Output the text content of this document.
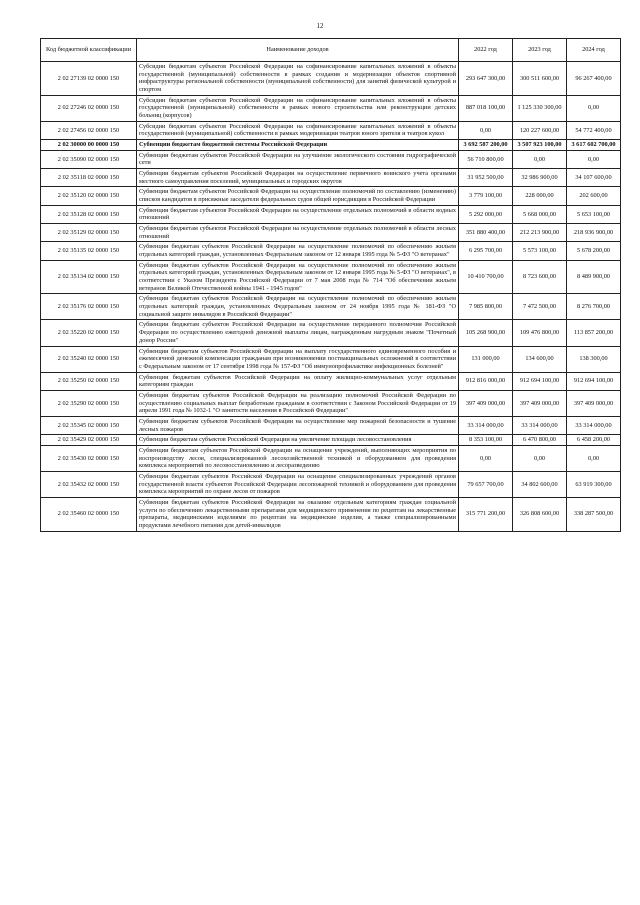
12
Код бюджетной классификации	Наименование доходов	2022 год	2023 год	2024 год
2 02 27139 02 0000 150	Субсидии бюджетам субъектов Российской Федерации на софинансирование капитальных вложений в объекты государственной (муниципальной) собственности в рамках создания и модернизации объектов спортивной инфраструктуры региональной собственности (муниципальной собственности) для занятий физической культурой и спортом	293 647 300,00	300 511 600,00	96 267 400,00
2 02 27246 02 0000 150	Субсидии бюджетам субъектов Российской Федерации на софинансирование капитальных вложений в объекты государственной (муниципальной) собственности в рамках нового строительства или реконструкции детских больниц (корпусов)	887 018 100,00	1 125 330 300,00	0,00
2 02 27456 02 0000 150	Субсидии бюджетам субъектов Российской Федерации на софинансирование капитальных вложений в объекты государственной (муниципальной) собственности в рамках модернизации театров юного зрителя и театров кукол	0,00	120 227 600,00	54 772 400,00
2 02 30000 00 0000 150	Субвенции бюджетам бюджетной системы Российской Федерации	3 692 587 200,00	3 507 923 100,00	3 617 602 700,00
2 02 35090 02 0000 150	Субвенции бюджетам субъектов Российской Федерации на улучшение экологического состояния гидрографической сети	56 710 800,00	0,00	0,00
2 02 35118 02 0000 150	Субвенции бюджетам субъектов Российской Федерации на осуществление первичного воинского учета органами местного самоуправления поселений, муниципальных и городских округов	31 952 500,00	32 986 900,00	34 107 600,00
2 02 35120 02 0000 150	Субвенции бюджетам субъектов Российской Федерации на осуществление полномочий по составлению (изменению) списков кандидатов в присяжные заседатели федеральных судов общей юрисдикции в Российской Федерации	3 779 100,00	228 000,00	202 600,00
2 02 35128 02 0000 150	Субвенции бюджетам субъектов Российской Федерации на осуществление отдельных полномочий в области водных отношений	5 292 000,00	5 668 000,00	5 653 100,00
2 02 35129 02 0000 150	Субвенции бюджетам субъектов Российской Федерации на осуществление отдельных полномочий в области лесных отношений	351 880 400,00	212 213 900,00	218 936 900,00
2 02 35135 02 0000 150	Субвенции бюджетам субъектов Российской Федерации на осуществление полномочий по обеспечению жильем отдельных категорий граждан, установленных Федеральным законом от 12 января 1995 года № 5-ФЗ "О ветеранах"	6 295 700,00	5 573 100,00	5 678 200,00
2 02 35134 02 0000 150	Субвенции бюджетам субъектов Российской Федерации на осуществление полномочий по обеспечению жильем отдельных категорий граждан, установленных Федеральным законом от 12 января 1995 года № 5-ФЗ "О ветеранах", в соответствии с Указом Президента Российской Федерации от 7 мая 2008 года № 714 "Об обеспечении жильем ветеранов Великой Отечественной войны 1941 - 1945 годов"	10 410 700,00	8 723 600,00	8 489 900,00
2 02 35176 02 0000 150	Субвенции бюджетам субъектов Российской Федерации на осуществление полномочий по обеспечению жильем отдельных категорий граждан, установленных Федеральным законом от 24 ноября 1995 года № 181-ФЗ "О социальной защите инвалидов в Российской Федерации"	7 985 800,00	7 472 500,00	8 276 700,00
2 02 35220 02 0000 150	Субвенции бюджетам субъектов Российской Федерации на осуществление переданного полномочия Российской Федерации по осуществлению ежегодной денежной выплаты лицам, награжденным нагрудным знаком "Почетный донор России"	105 268 900,00	109 476 800,00	113 857 200,00
2 02 35240 02 0000 150	Субвенции бюджетам субъектов Российской Федерации на выплату государственного единовременного пособия и ежемесячной денежной компенсации гражданам при возникновении поствакцинальных осложнений в соответствии с Федеральным законом от 17 сентября 1998 года № 157-ФЗ "Об иммунопрофилактике инфекционных болезней"	131 000,00	134 600,00	138 300,00
2 02 35250 02 0000 150	Субвенции бюджетам субъектов Российской Федерации на оплату жилищно-коммунальных услуг отдельным категориям граждан	912 816 000,00	912 694 100,00	912 694 100,00
2 02 35290 02 0000 150	Субвенции бюджетам субъектов Российской Федерации на реализацию полномочий Российской Федерации по осуществлению социальных выплат безработным гражданам в соответствии с Законом Российской Федерации от 19 апреля 1991 года № 1032-1 "О занятости населения в Российской Федерации"	397 409 000,00	397 409 000,00	397 409 000,00
2 02 35345 02 0000 150	Субвенции бюджетам субъектов Российской Федерации на осуществление мер пожарной безопасности и тушение лесных пожаров	33 314 000,00	33 314 000,00	33 314 000,00
2 02 35429 02 0000 150	Субвенции бюджетам субъектов Российской Федерации на увеличение площади лесовосстановления	8 353 100,00	6 470 800,00	6 458 200,00
2 02 35430 02 0000 150	Субвенции бюджетам субъектов Российской Федерации на оснащение учреждений, выполняющих мероприятия по воспроизводству лесов, специализированной лесохозяйственной техникой и оборудованием для проведения комплекса мероприятий по лесовосстановлению и лесоразведению	0,00	0,00	0,00
2 02 35432 02 0000 150	Субвенции бюджетам субъектов Российской Федерации на оснащение специализированных учреждений органов государственной власти субъектов Российской Федерации лесопожарной техникой и оборудованием для проведения комплекса мероприятий по охране лесов от пожаров	79 657 700,00	34 802 600,00	63 919 300,00
2 02 35460 02 0000 150	Субвенции бюджетам субъектов Российской Федерации на оказание отдельным категориям граждан социальной услуги по обеспечению лекарственными препаратами для медицинского применения по рецептам на лекарственные препараты, медицинскими изделиями по рецептам на медицинские изделия, а также специализированными продуктами лечебного питания для детей-инвалидов	315 771 200,00	326 808 600,00	338 287 500,00
